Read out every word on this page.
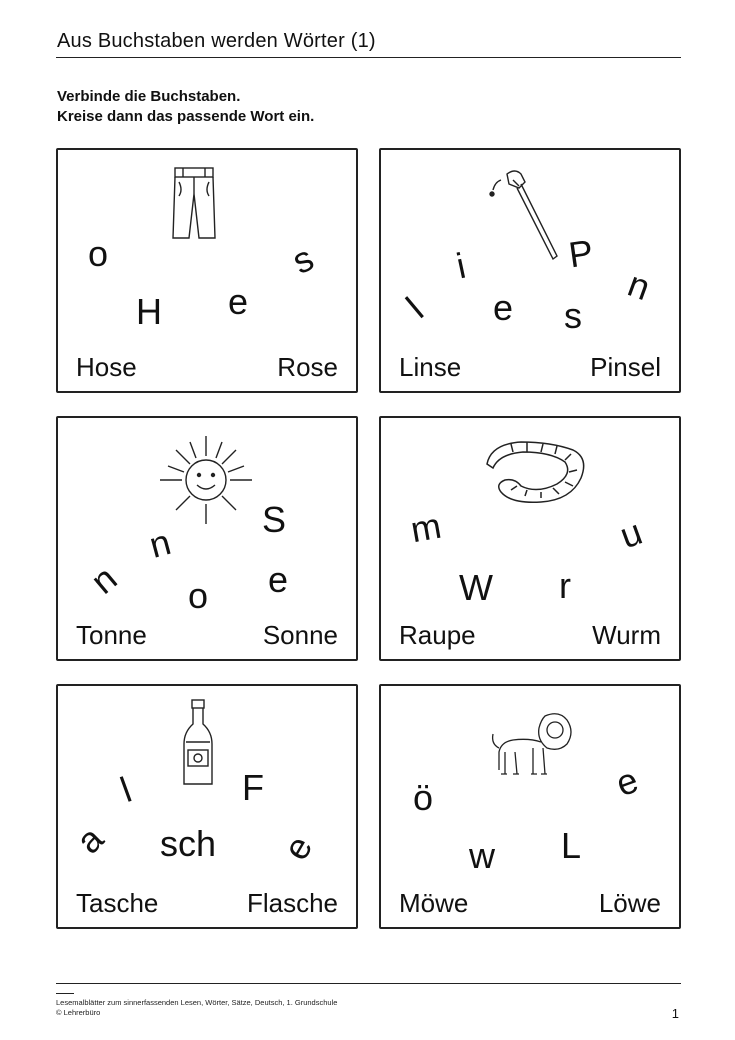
Aus Buchstaben werden Wörter (1)
Verbinde die Buchstaben.
Kreise dann das passende Wort ein.
o	s
H e
Hose	Rose
i	P
n
l e s
Linse	Pinsel
S
n
n	e
o
Tonne	Sonne
m	u
W r
Raupe	Wurm
l	F
a sch e
Tasche	Flasche
ö	e
w L
Möwe	Löwe
Lesemalblätter zum sinnerfassenden Lesen, Wörter, Sätze, Deutsch, 1. Grundschule
© Lehrerbüro	1
